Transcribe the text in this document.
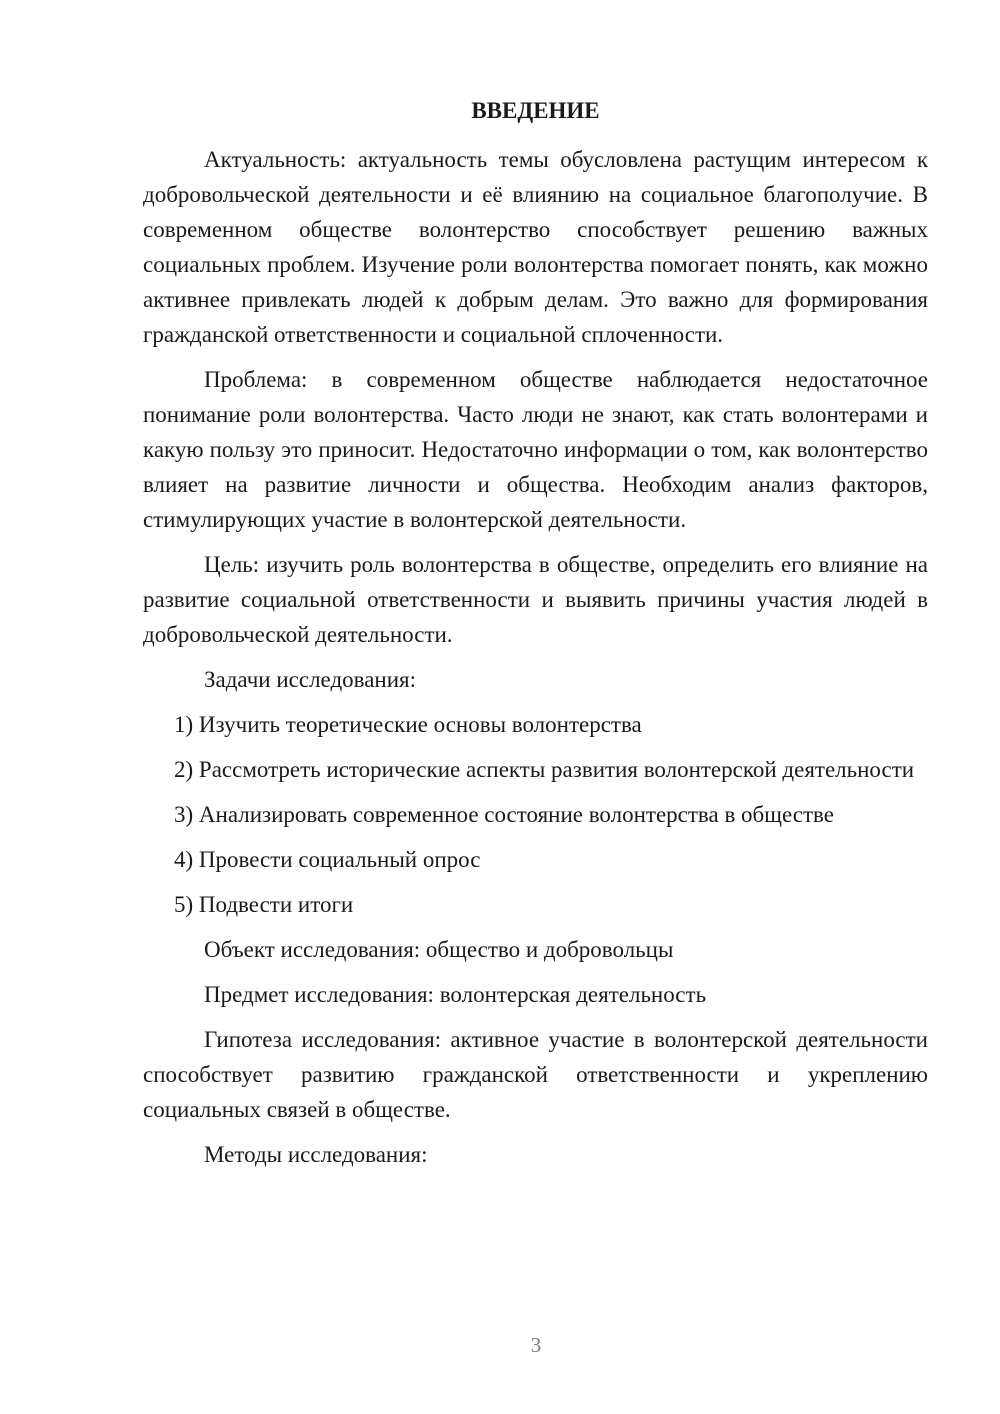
ВВЕДЕНИЕ

Актуальность: актуальность темы обусловлена растущим интересом к добровольческой деятельности и её влиянию на социальное благополучие. В современном обществе волонтерство способствует решению важных социальных проблем. Изучение роли волонтерства помогает понять, как можно активнее привлекать людей к добрым делам. Это важно для формирования гражданской ответственности и социальной сплоченности.

Проблема: в современном обществе наблюдается недостаточное понимание роли волонтерства. Часто люди не знают, как стать волонтерами и какую пользу это приносит. Недостаточно информации о том, как волонтерство влияет на развитие личности и общества. Необходим анализ факторов, стимулирующих участие в волонтерской деятельности.

Цель: изучить роль волонтерства в обществе, определить его влияние на развитие социальной ответственности и выявить причины участия людей в добровольческой деятельности.

Задачи исследования:

1) Изучить теоретические основы волонтерства

2) Рассмотреть исторические аспекты развития волонтерской деятельности

3) Анализировать современное состояние волонтерства в обществе

4) Провести социальный опрос

5) Подвести итоги

Объект исследования: общество и добровольцы

Предмет исследования: волонтерская деятельность

Гипотеза исследования: активное участие в волонтерской деятельности способствует развитию гражданской ответственности и укреплению социальных связей в обществе.

Методы исследования:

3
